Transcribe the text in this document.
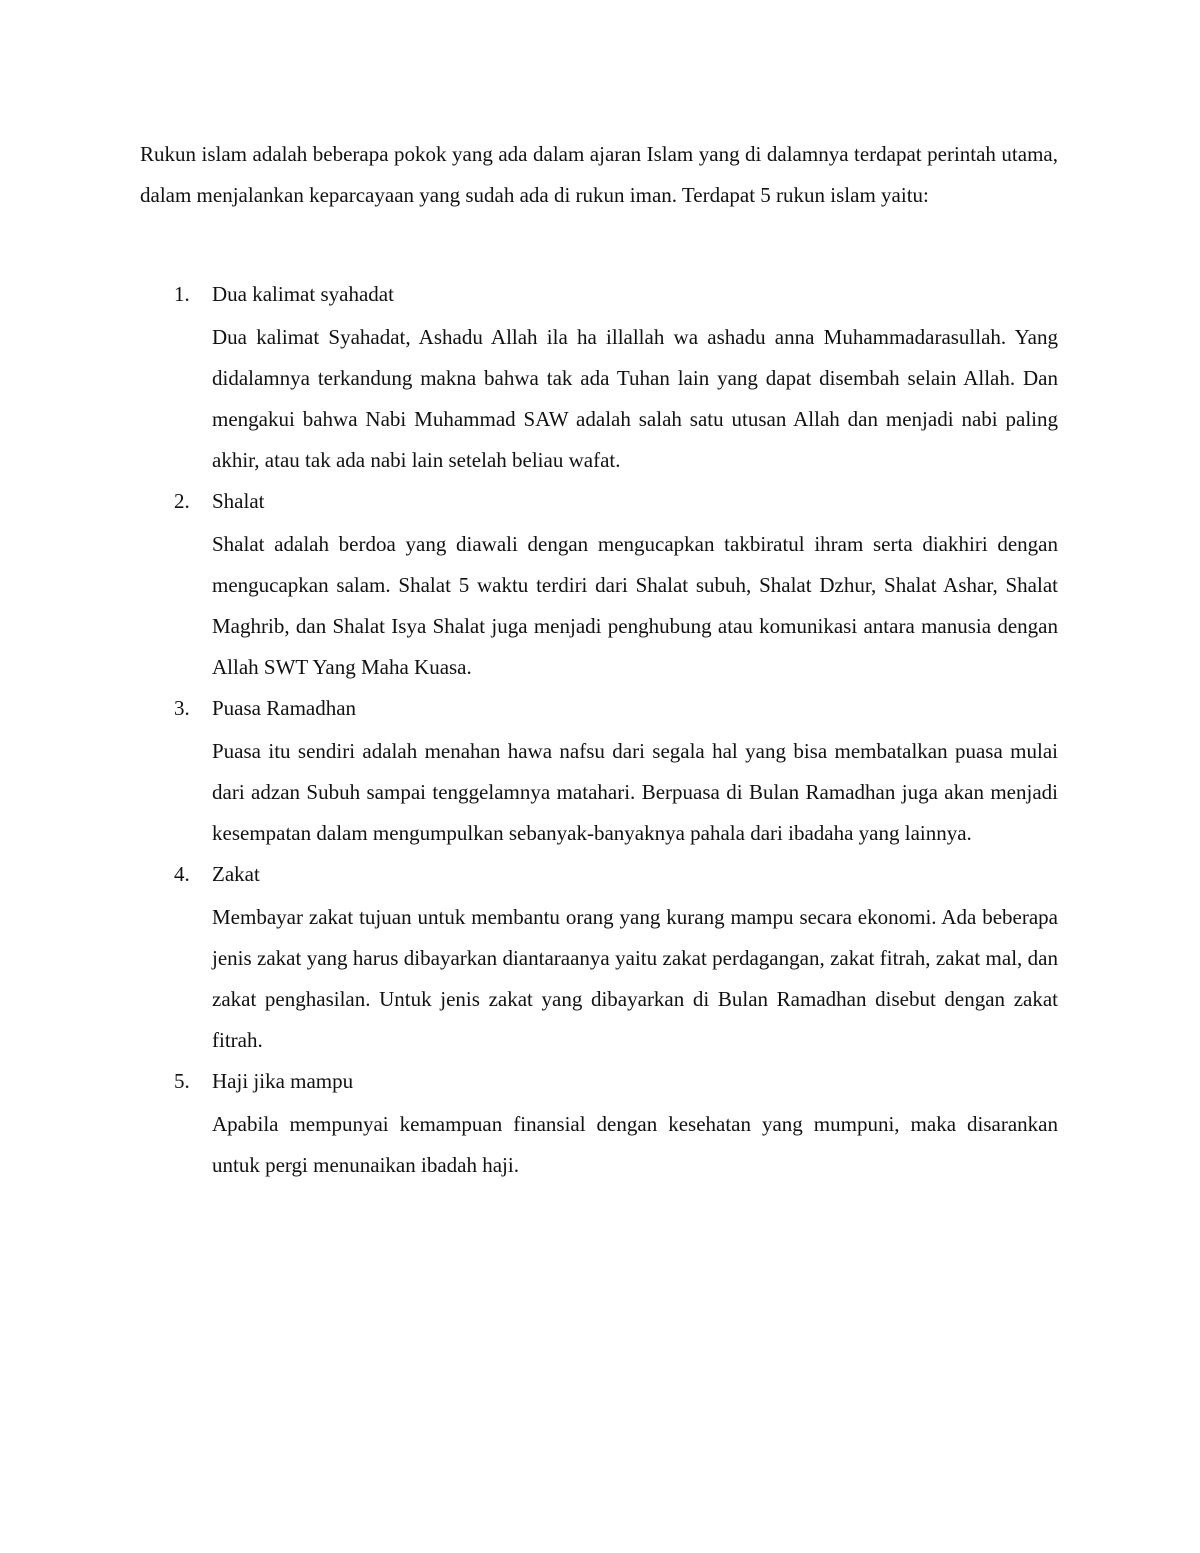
Rukun islam adalah beberapa pokok yang ada dalam ajaran Islam yang di dalamnya terdapat perintah utama, dalam menjalankan keparcayaan yang sudah ada di rukun iman. Terdapat 5 rukun islam yaitu:

1. Dua kalimat syahadat
Dua kalimat Syahadat, Ashadu Allah ila ha illallah wa ashadu anna Muhammadarasullah. Yang didalamnya terkandung makna bahwa tak ada Tuhan lain yang dapat disembah selain Allah. Dan mengakui bahwa Nabi Muhammad SAW adalah salah satu utusan Allah dan menjadi nabi paling akhir, atau tak ada nabi lain setelah beliau wafat.
2. Shalat
Shalat adalah berdoa yang diawali dengan mengucapkan takbiratul ihram serta diakhiri dengan mengucapkan salam. Shalat 5 waktu terdiri dari Shalat subuh, Shalat Dzhur, Shalat Ashar, Shalat Maghrib, dan Shalat Isya Shalat juga menjadi penghubung atau komunikasi antara manusia dengan Allah SWT Yang Maha Kuasa.
3. Puasa Ramadhan
Puasa itu sendiri adalah menahan hawa nafsu dari segala hal yang bisa membatalkan puasa mulai dari adzan Subuh sampai tenggelamnya matahari. Berpuasa di Bulan Ramadhan juga akan menjadi kesempatan dalam mengumpulkan sebanyak-banyaknya pahala dari ibadaha yang lainnya.
4. Zakat
Membayar zakat tujuan untuk membantu orang yang kurang mampu secara ekonomi. Ada beberapa jenis zakat yang harus dibayarkan diantaraanya yaitu zakat perdagangan, zakat fitrah, zakat mal, dan zakat penghasilan. Untuk jenis zakat yang dibayarkan di Bulan Ramadhan disebut dengan zakat fitrah.
5. Haji jika mampu
Apabila mempunyai kemampuan finansial dengan kesehatan yang mumpuni, maka disarankan untuk pergi menunaikan ibadah haji.
